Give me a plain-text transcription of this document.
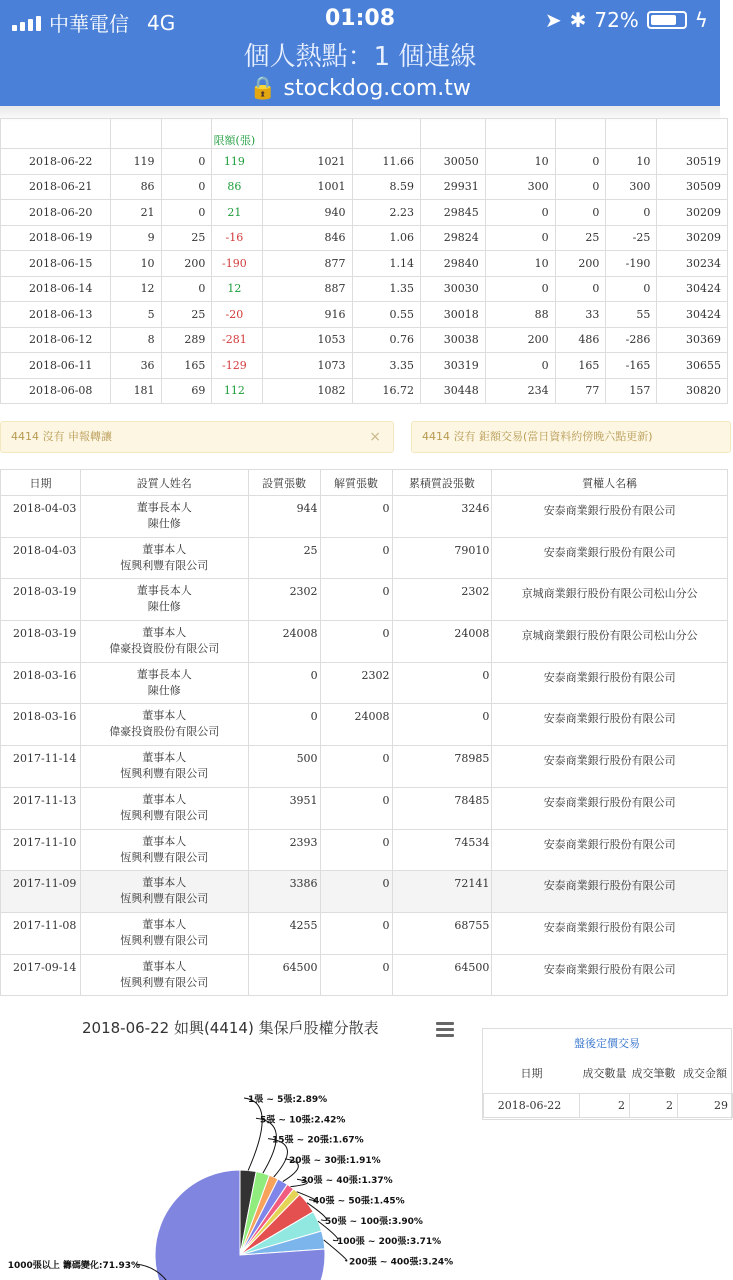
中華電信 4G	01:08	➤ ✱ 72%	ϟ
個人熱點：1 個連線
🔒 stockdog.com.tw
			限額(張)							
2018-06-22	119	0	119	1021	11.66	30050	10	0	10	30519
2018-06-21	86	0	86	1001	8.59	29931	300	0	300	30509
2018-06-20	21	0	21	940	2.23	29845	0	0	0	30209
2018-06-19	9	25	-16	846	1.06	29824	0	25	-25	30209
2018-06-15	10	200	-190	877	1.14	29840	10	200	-190	30234
2018-06-14	12	0	12	887	1.35	30030	0	0	0	30424
2018-06-13	5	25	-20	916	0.55	30018	88	33	55	30424
2018-06-12	8	289	-281	1053	0.76	30038	200	486	-286	30369
2018-06-11	36	165	-129	1073	3.35	30319	0	165	-165	30655
2018-06-08	181	69	112	1082	16.72	30448	234	77	157	30820
4414 沒有 申報轉讓	×	4414 沒有 鉅額交易(當日資料約傍晚六點更新)
日期	設質人姓名	設質張數	解質張數	累積質設張數	質權人名稱
2018-04-03	董事長本人
陳仕修	944	0	3246	安泰商業銀行股份有限公司
2018-04-03	董事本人
恆興利豐有限公司	25	0	79010	安泰商業銀行股份有限公司
2018-03-19	董事長本人
陳仕修	2302	0	2302	京城商業銀行股份有限公司松山分公
2018-03-19	董事本人
偉豪投資股份有限公司	24008	0	24008	京城商業銀行股份有限公司松山分公
2018-03-16	董事長本人
陳仕修	0	2302	0	安泰商業銀行股份有限公司
2018-03-16	董事本人
偉豪投資股份有限公司	0	24008	0	安泰商業銀行股份有限公司
2017-11-14	董事本人
恆興利豐有限公司	500	0	78985	安泰商業銀行股份有限公司
2017-11-13	董事本人
恆興利豐有限公司	3951	0	78485	安泰商業銀行股份有限公司
2017-11-10	董事本人
恆興利豐有限公司	2393	0	74534	安泰商業銀行股份有限公司
2017-11-09	董事本人
恆興利豐有限公司	3386	0	72141	安泰商業銀行股份有限公司
2017-11-08	董事本人
恆興利豐有限公司	4255	0	68755	安泰商業銀行股份有限公司
2017-09-14	董事本人
恆興利豐有限公司	64500	0	64500	安泰商業銀行股份有限公司
2018-06-22 如興(4414) 集保戶股權分散表
1張 ~ 5張:2.89%
5張 ~ 10張:2.42%
15張 ~ 20張:1.67%
20張 ~ 30張:1.91%
30張 ~ 40張:1.37%
40張 ~ 50張:1.45%
50張 ~ 100張:3.90%
100張 ~ 200張:3.71%
200張 ~ 400張:3.24%
1000張以上 籌碼變化:71.93%
盤後定價交易
日期	成交數量	成交筆數	成交金額
2018-06-22	2	2	29
